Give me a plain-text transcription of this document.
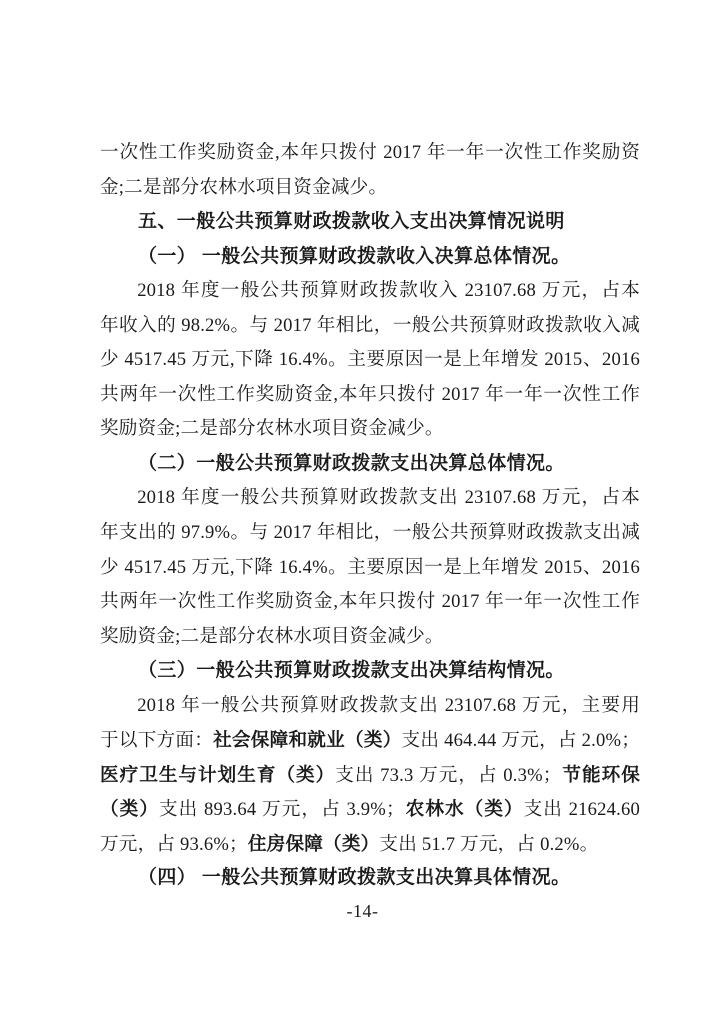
一次性工作奖励资金,本年只拨付 2017 年一年一次性工作奖励资
金;二是部分农林水项目资金减少。
五、一般公共预算财政拨款收入支出决算情况说明
（一） 一般公共预算财政拨款收入决算总体情况。
2018 年度一般公共预算财政拨款收入 23107.68 万元，占本
年收入的 98.2%。与 2017 年相比，一般公共预算财政拨款收入减
少 4517.45 万元,下降 16.4%。主要原因一是上年增发 2015、2016
共两年一次性工作奖励资金,本年只拨付 2017 年一年一次性工作
奖励资金;二是部分农林水项目资金减少。
（二）一般公共预算财政拨款支出决算总体情况。
2018 年度一般公共预算财政拨款支出 23107.68 万元，占本
年支出的 97.9%。与 2017 年相比，一般公共预算财政拨款支出减
少 4517.45 万元,下降 16.4%。主要原因一是上年增发 2015、2016
共两年一次性工作奖励资金,本年只拨付 2017 年一年一次性工作
奖励资金;二是部分农林水项目资金减少。
（三）一般公共预算财政拨款支出决算结构情况。
2018 年一般公共预算财政拨款支出 23107.68 万元，主要用
于以下方面：社会保障和就业（类）支出 464.44 万元，占 2.0%；
医疗卫生与计划生育（类）支出 73.3 万元，占 0.3%；节能环保
（类）支出 893.64 万元，占 3.9%；农林水（类）支出 21624.60
万元，占 93.6%；住房保障（类）支出 51.7 万元，占 0.2%。
（四） 一般公共预算财政拨款支出决算具体情况。
-14-
